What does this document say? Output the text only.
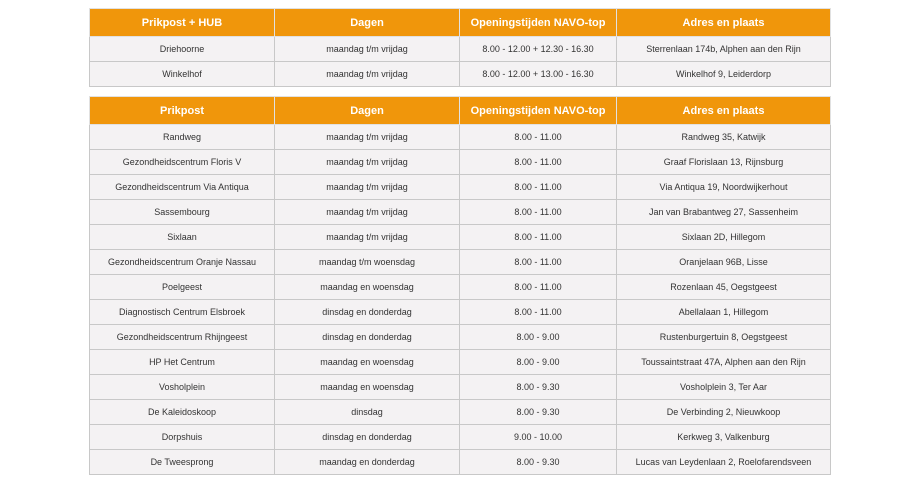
Prikpost + HUB	Dagen	Openingstijden NAVO-top	Adres en plaats
Driehoorne	maandag t/m vrijdag	8.00 - 12.00 + 12.30 - 16.30	Sterrenlaan 174b, Alphen aan den Rijn
Winkelhof	maandag t/m vrijdag	8.00 - 12.00 + 13.00 - 16.30	Winkelhof 9, Leiderdorp
Prikpost	Dagen	Openingstijden NAVO-top	Adres en plaats
Randweg	maandag t/m vrijdag	8.00 - 11.00	Randweg 35, Katwijk
Gezondheidscentrum Floris V	maandag t/m vrijdag	8.00 - 11.00	Graaf Florislaan 13, Rijnsburg
Gezondheidscentrum Via Antiqua	maandag t/m vrijdag	8.00 - 11.00	Via Antiqua 19, Noordwijkerhout
Sassembourg	maandag t/m vrijdag	8.00 - 11.00	Jan van Brabantweg 27, Sassenheim
Sixlaan	maandag t/m vrijdag	8.00 - 11.00	Sixlaan 2D, Hillegom
Gezondheidscentrum Oranje Nassau	maandag t/m woensdag	8.00 - 11.00	Oranjelaan 96B, Lisse
Poelgeest	maandag en woensdag	8.00 - 11.00	Rozenlaan 45, Oegstgeest
Diagnostisch Centrum Elsbroek	dinsdag en donderdag	8.00 - 11.00	Abellalaan 1, Hillegom
Gezondheidscentrum Rhijngeest	dinsdag en donderdag	8.00 - 9.00	Rustenburgertuin 8, Oegstgeest
HP Het Centrum	maandag en woensdag	8.00 - 9.00	Toussaintstraat 47A, Alphen aan den Rijn
Vosholplein	maandag en woensdag	8.00 - 9.30	Vosholplein 3, Ter Aar
De Kaleidoskoop	dinsdag	8.00 - 9.30	De Verbinding 2, Nieuwkoop
Dorpshuis	dinsdag en donderdag	9.00 - 10.00	Kerkweg 3, Valkenburg
De Tweesprong	maandag en donderdag	8.00 - 9.30	Lucas van Leydenlaan 2, Roelofarendsveen
